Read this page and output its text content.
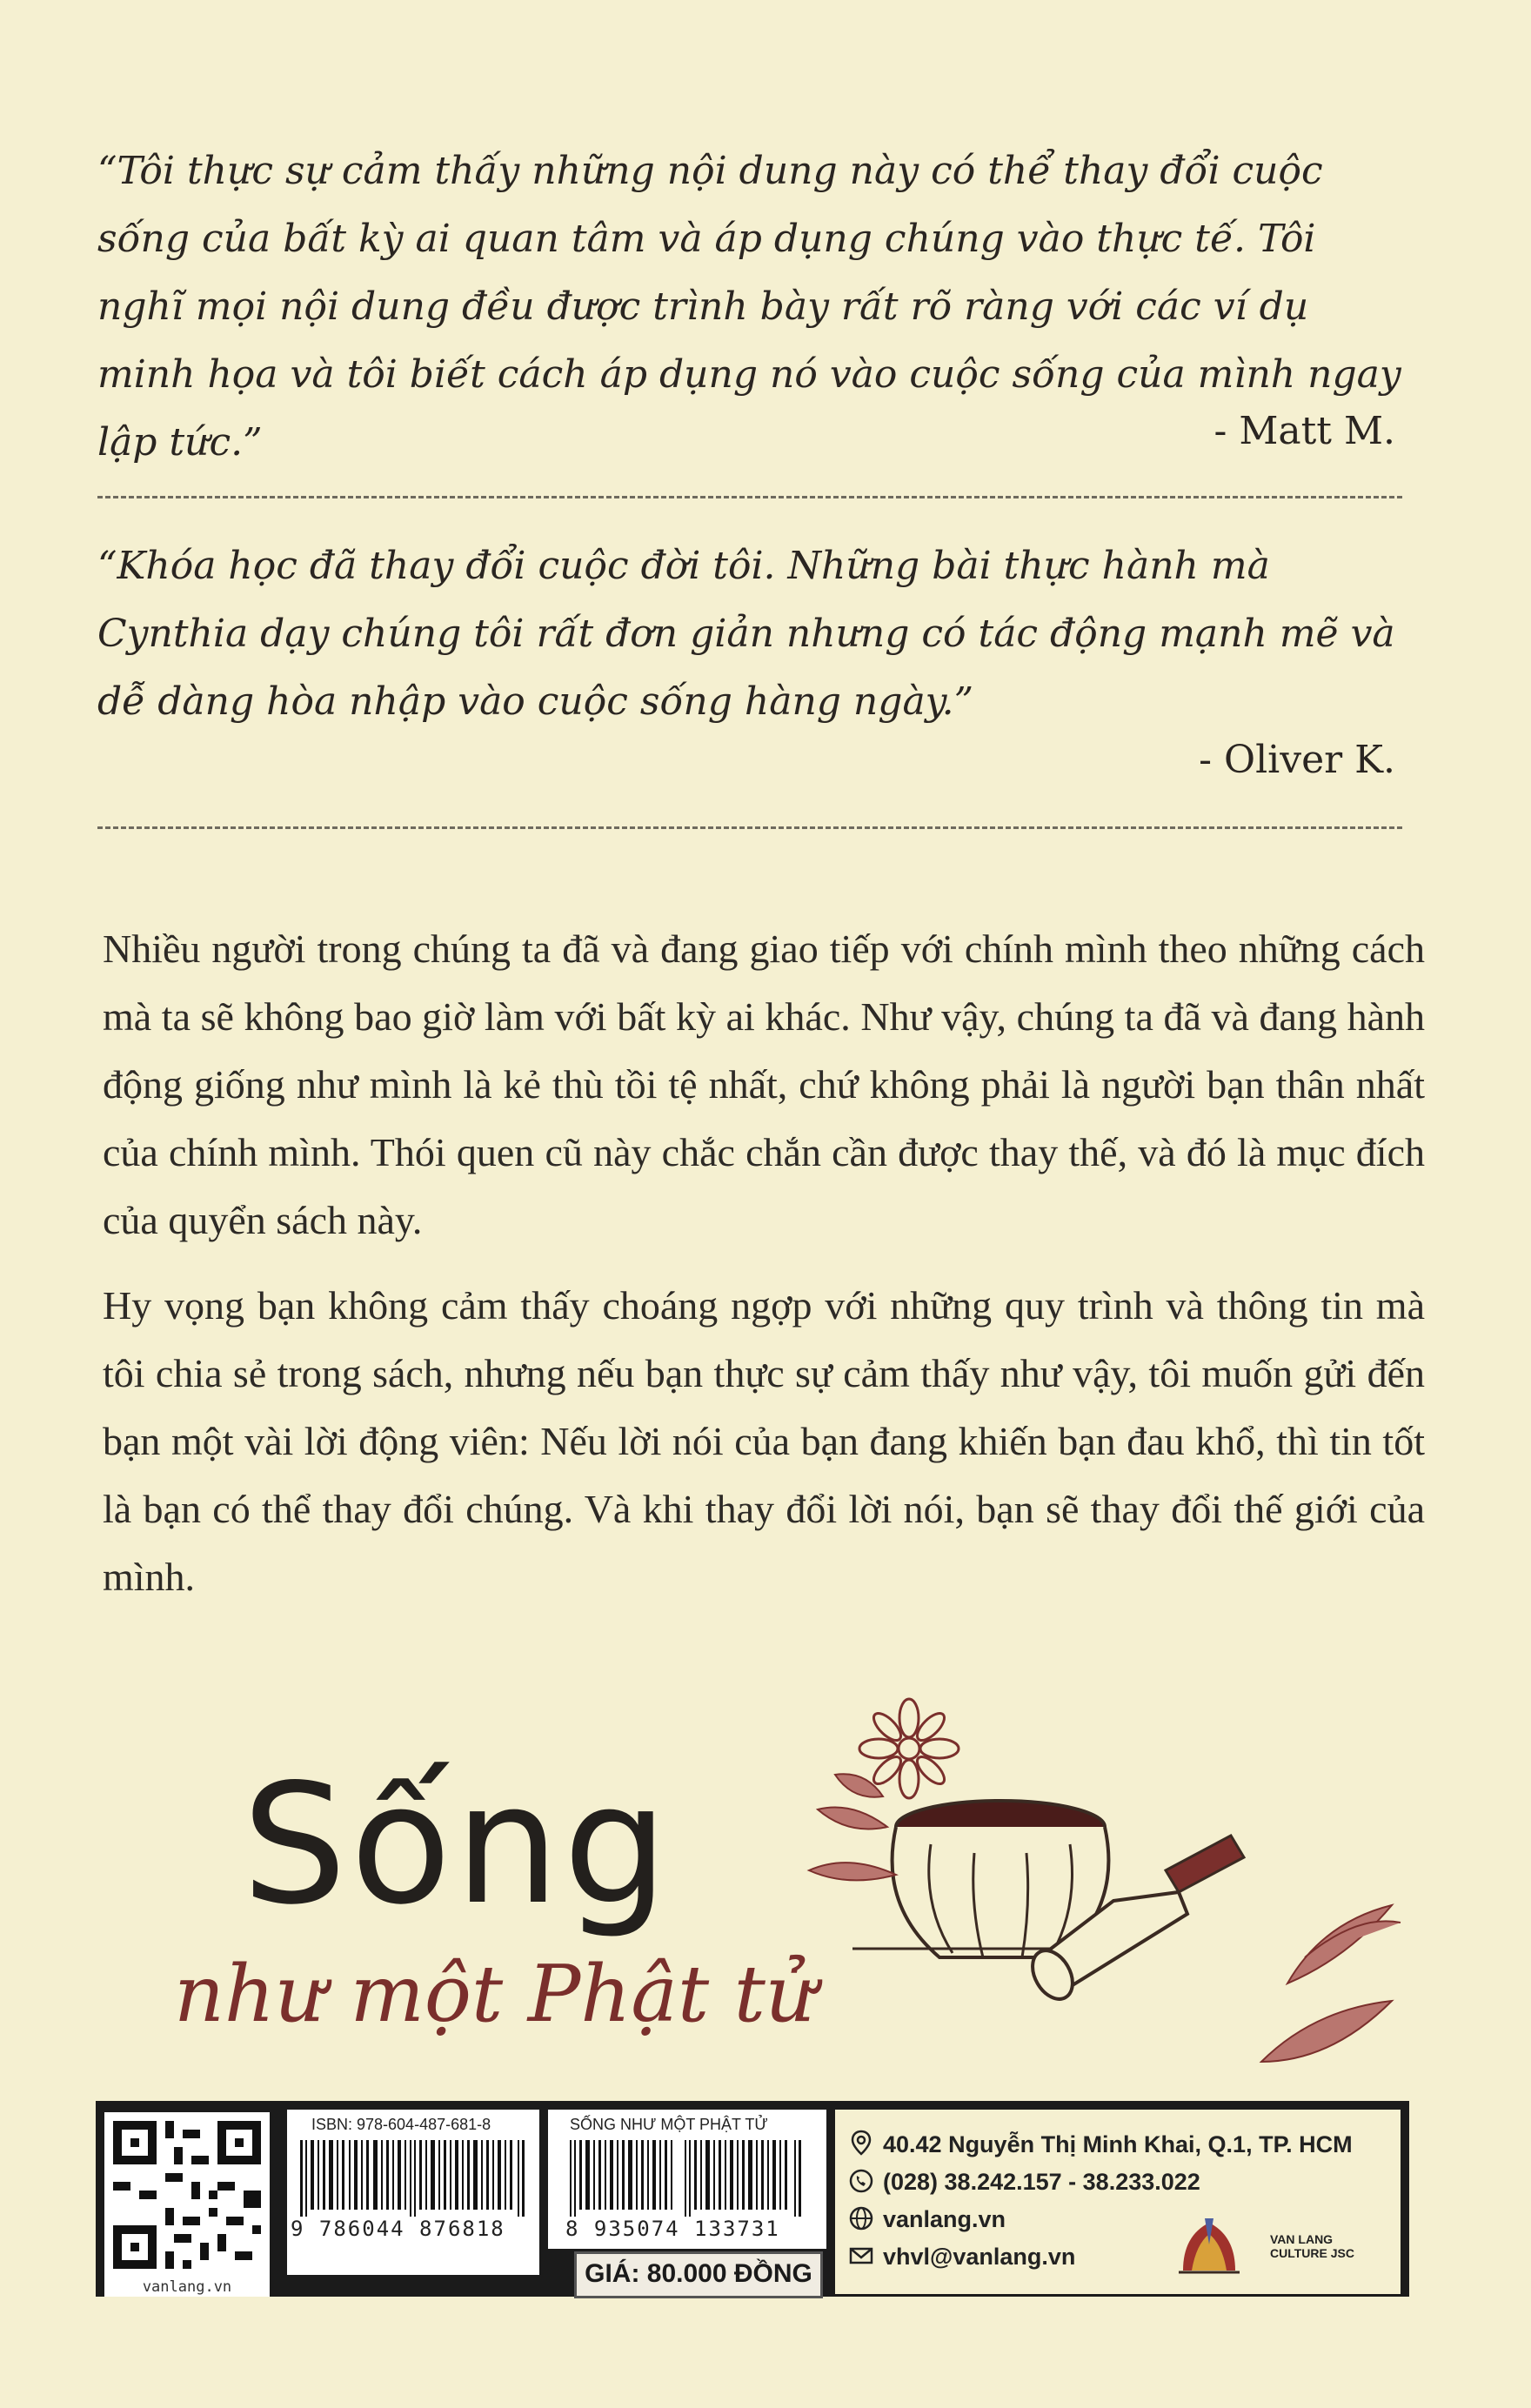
“Tôi thực sự cảm thấy những nội dung này có thể thay đổi cuộc sống của bất kỳ ai quan tâm và áp dụng chúng vào thực tế. Tôi nghĩ mọi nội dung đều được trình bày rất rõ ràng với các ví dụ minh họa và tôi biết cách áp dụng nó vào cuộc sống của mình ngay lập tức.”	- Matt M.

“Khóa học đã thay đổi cuộc đời tôi. Những bài thực hành mà Cynthia dạy chúng tôi rất đơn giản nhưng có tác động mạnh mẽ và dễ dàng hòa nhập vào cuộc sống hàng ngày.”

- Oliver K.

Nhiều người trong chúng ta đã và đang giao tiếp với chính mình theo những cách mà ta sẽ không bao giờ làm với bất kỳ ai khác. Như vậy, chúng ta đã và đang hành động giống như mình là kẻ thù tồi tệ nhất, chứ không phải là người bạn thân nhất của chính mình. Thói quen cũ này chắc chắn cần được thay thế, và đó là mục đích của quyển sách này.

Hy vọng bạn không cảm thấy choáng ngợp với những quy trình và thông tin mà tôi chia sẻ trong sách, nhưng nếu bạn thực sự cảm thấy như vậy, tôi muốn gửi đến bạn một vài lời động viên: Nếu lời nói của bạn đang khiến bạn đau khổ, thì tin tốt là bạn có thể thay đổi chúng. Và khi thay đổi lời nói, bạn sẽ thay đổi thế giới của mình.

Sống
như một Phật tử
vanlang.vn
ISBN: 978-604-487-681-8
9 786044 876818
SỐNG NHƯ MỘT PHẬT TỬ
8 935074 133731
GIÁ: 80.000 ĐỒNG
40.42 Nguyễn Thị Minh Khai, Q.1, TP. HCM
(028) 38.242.157 - 38.233.022
vanlang.vn
vhvl@vanlang.vn
VAN LANG CULTURE JSC
